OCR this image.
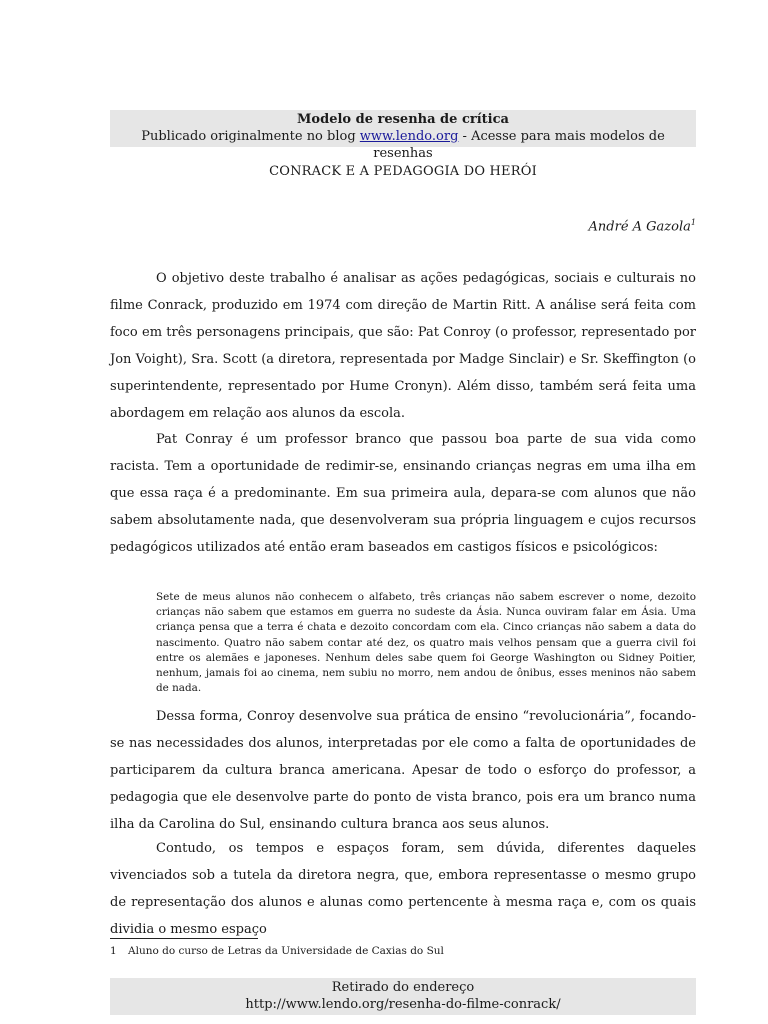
Modelo de resenha de crítica
Publicado originalmente no blog www.lendo.org - Acesse para mais modelos de resenhas
CONRACK E A PEDAGOGIA DO HERÓI
André A Gazola$^1$

O objetivo deste trabalho é analisar as ações pedagógicas, sociais e culturais no filme Conrack, produzido em 1974 com direção de Martin Ritt. A análise será feita com foco em três personagens principais, que são: Pat Conroy (o professor, representado por Jon Voight), Sra. Scott (a diretora, representada por Madge Sinclair) e Sr. Skeffington (o superintendente, representado por Hume Cronyn). Além disso, também será feita uma abordagem em relação aos alunos da escola.

Pat Conray é um professor branco que passou boa parte de sua vida como racista. Tem a oportunidade de redimir-se, ensinando crianças negras em uma ilha em que essa raça é a predominante. Em sua primeira aula, depara-se com alunos que não sabem absolutamente nada, que desenvolveram sua própria linguagem e cujos recursos pedagógicos utilizados até então eram baseados em castigos físicos e psicológicos:

Sete de meus alunos não conhecem o alfabeto, três crianças não sabem escrever o nome, dezoito crianças não sabem que estamos em guerra no sudeste da Ásia. Nunca ouviram falar em Ásia. Uma criança pensa que a terra é chata e dezoito concordam com ela. Cinco crianças não sabem a data do nascimento. Quatro não sabem contar até dez, os quatro mais velhos pensam que a guerra civil foi entre os alemães e japoneses. Nenhum deles sabe quem foi George Washington ou Sidney Poitier, nenhum, jamais foi ao cinema, nem subiu no morro, nem andou de ônibus, esses meninos não sabem de nada.

Dessa forma, Conroy desenvolve sua prática de ensino “revolucionária”, focando-se nas necessidades dos alunos, interpretadas por ele como a falta de oportunidades de participarem da cultura branca americana. Apesar de todo o esforço do professor, a pedagogia que ele desenvolve parte do ponto de vista branco, pois era um branco numa ilha da Carolina do Sul, ensinando cultura branca aos seus alunos.

Contudo, os tempos e espaços foram, sem dúvida, diferentes daqueles vivenciados sob a tutela da diretora negra, que, embora representasse o mesmo grupo de representação dos alunos e alunas como pertencente à mesma raça e, com os quais dividia o mesmo espaço

1 Aluno do curso de Letras da Universidade de Caxias do Sul
Retirado do endereço
http://www.lendo.org/resenha-do-filme-conrack/
